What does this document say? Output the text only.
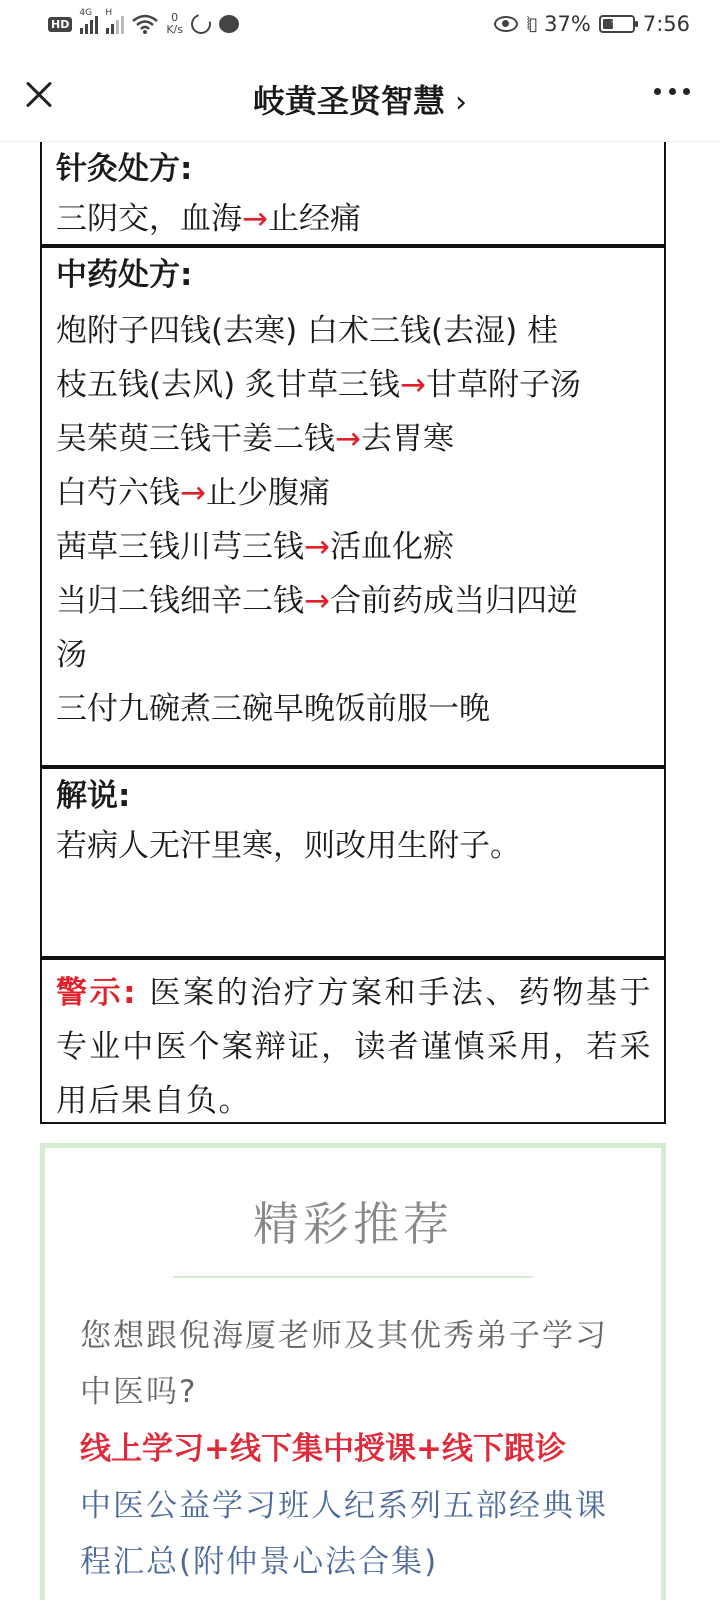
HD
4G H	0
K/s	⦚▯ 37% ❦ 7:56
岐黄圣贤智慧 ›
针灸处方:
三阴交，血海→止经痛
中药处方:
炮附子四钱(去寒) 白术三钱(去湿) 桂
枝五钱(去风) 炙甘草三钱→甘草附子汤
吴茱萸三钱干姜二钱→去胃寒
白芍六钱→止少腹痛
茜草三钱川芎三钱→活血化瘀
当归二钱细辛二钱→合前药成当归四逆
汤
三付九碗煮三碗早晚饭前服一晚
解说:
若病人无汗里寒，则改用生附子。
警示: 医案的治疗方案和手法、药物基于专业中医个案辩证，读者谨慎采用，若采用后果自负。
精彩推荐
您想跟倪海厦老师及其优秀弟子学习中医吗?
线上学习+线下集中授课+线下跟诊
中医公益学习班人纪系列五部经典课程汇总(附仲景心法合集)
